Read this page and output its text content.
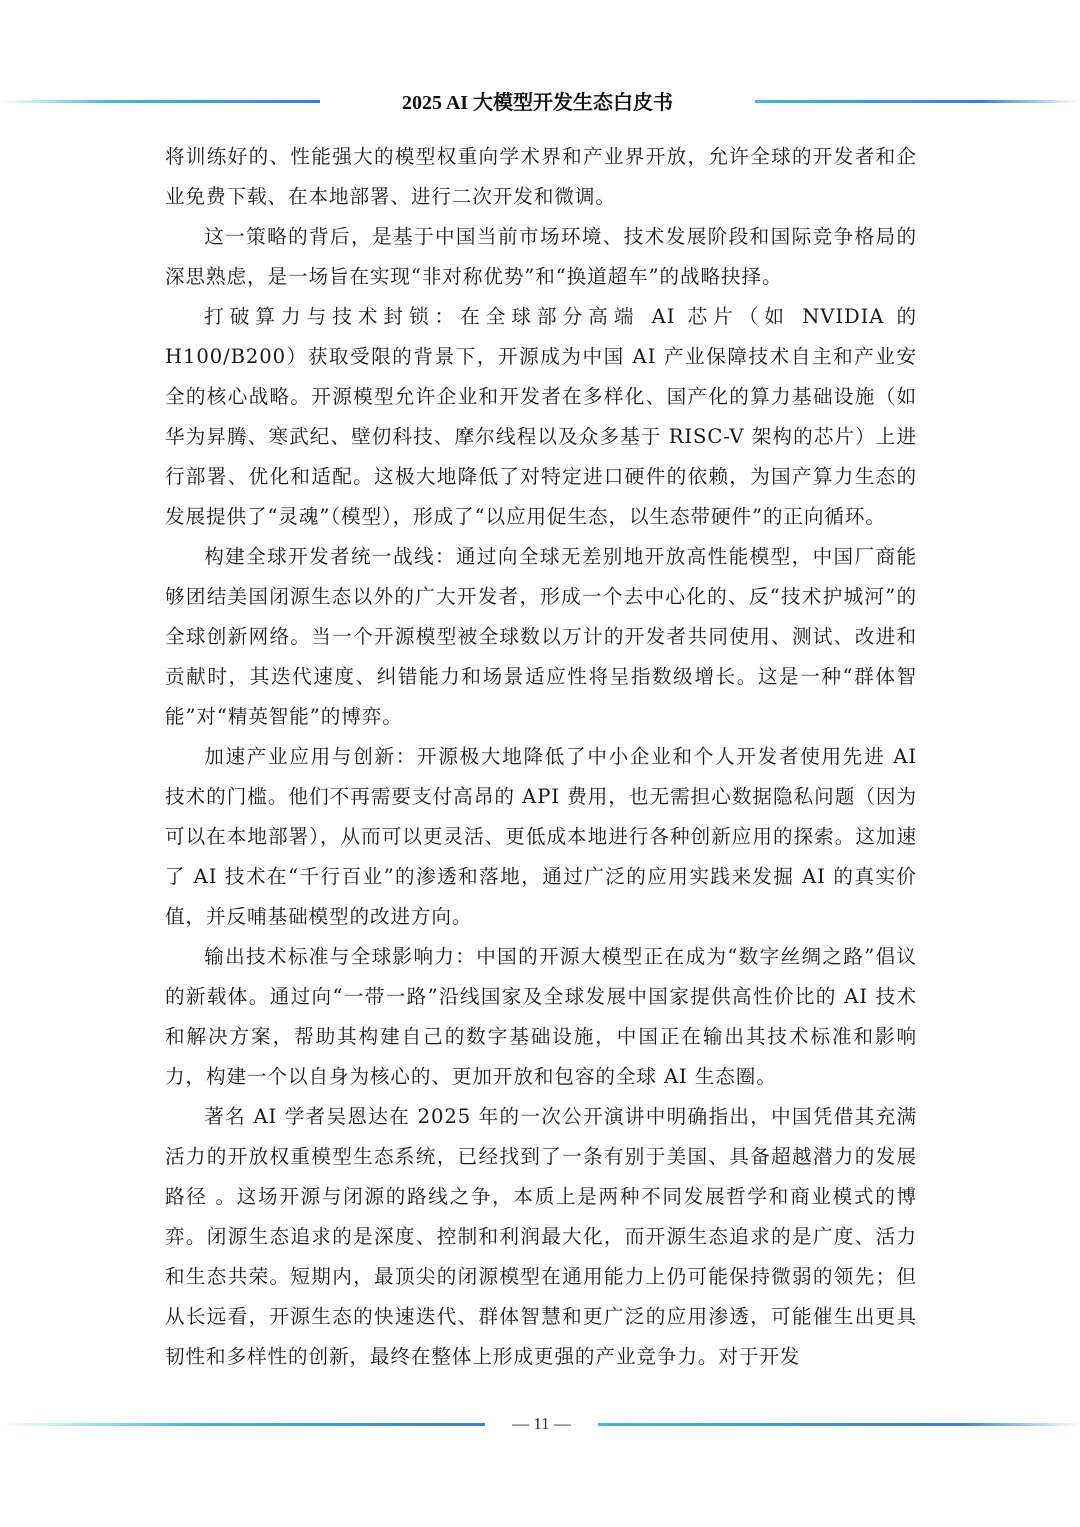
2025 AI 大模型开发生态白皮书

将训练好的、性能强大的模型权重向学术界和产业界开放，允许全球的开发者和企业免费下载、在本地部署、进行二次开发和微调。

这一策略的背后，是基于中国当前市场环境、技术发展阶段和国际竞争格局的深思熟虑，是一场旨在实现“非对称优势”和“换道超车”的战略抉择。

打破算力与技术封锁：在全球部分高端 AI 芯片（如 NVIDIA 的 H100/B200）获取受限的背景下，开源成为中国 AI 产业保障技术自主和产业安全的核心战略。开源模型允许企业和开发者在多样化、国产化的算力基础设施（如华为昇腾、寒武纪、壁仞科技、摩尔线程以及众多基于 RISC-V 架构的芯片）上进行部署、优化和适配。这极大地降低了对特定进口硬件的依赖，为国产算力生态的发展提供了“灵魂”（模型），形成了“以应用促生态，以生态带硬件”的正向循环。

构建全球开发者统一战线：通过向全球无差别地开放高性能模型，中国厂商能够团结美国闭源生态以外的广大开发者，形成一个去中心化的、反“技术护城河”的全球创新网络。当一个开源模型被全球数以万计的开发者共同使用、测试、改进和贡献时，其迭代速度、纠错能力和场景适应性将呈指数级增长。这是一种“群体智能”对“精英智能”的博弈。

加速产业应用与创新：开源极大地降低了中小企业和个人开发者使用先进 AI 技术的门槛。他们不再需要支付高昂的 API 费用，也无需担心数据隐私问题（因为可以在本地部署），从而可以更灵活、更低成本地进行各种创新应用的探索。这加速了 AI 技术在“千行百业”的渗透和落地，通过广泛的应用实践来发掘 AI 的真实价值，并反哺基础模型的改进方向。

输出技术标准与全球影响力：中国的开源大模型正在成为“数字丝绸之路”倡议的新载体。通过向“一带一路”沿线国家及全球发展中国家提供高性价比的 AI 技术和解决方案，帮助其构建自己的数字基础设施，中国正在输出其技术标准和影响力，构建一个以自身为核心的、更加开放和包容的全球 AI 生态圈。

著名 AI 学者吴恩达在 2025 年的一次公开演讲中明确指出，中国凭借其充满活力的开放权重模型生态系统，已经找到了一条有别于美国、具备超越潜力的发展路径 。这场开源与闭源的路线之争，本质上是两种不同发展哲学和商业模式的博弈。闭源生态追求的是深度、控制和利润最大化，而开源生态追求的是广度、活力和生态共荣。短期内，最顶尖的闭源模型在通用能力上仍可能保持微弱的领先；但从长远看，开源生态的快速迭代、群体智慧和更广泛的应用渗透，可能催生出更具韧性和多样性的创新，最终在整体上形成更强的产业竞争力。对于开发

— 11 —
